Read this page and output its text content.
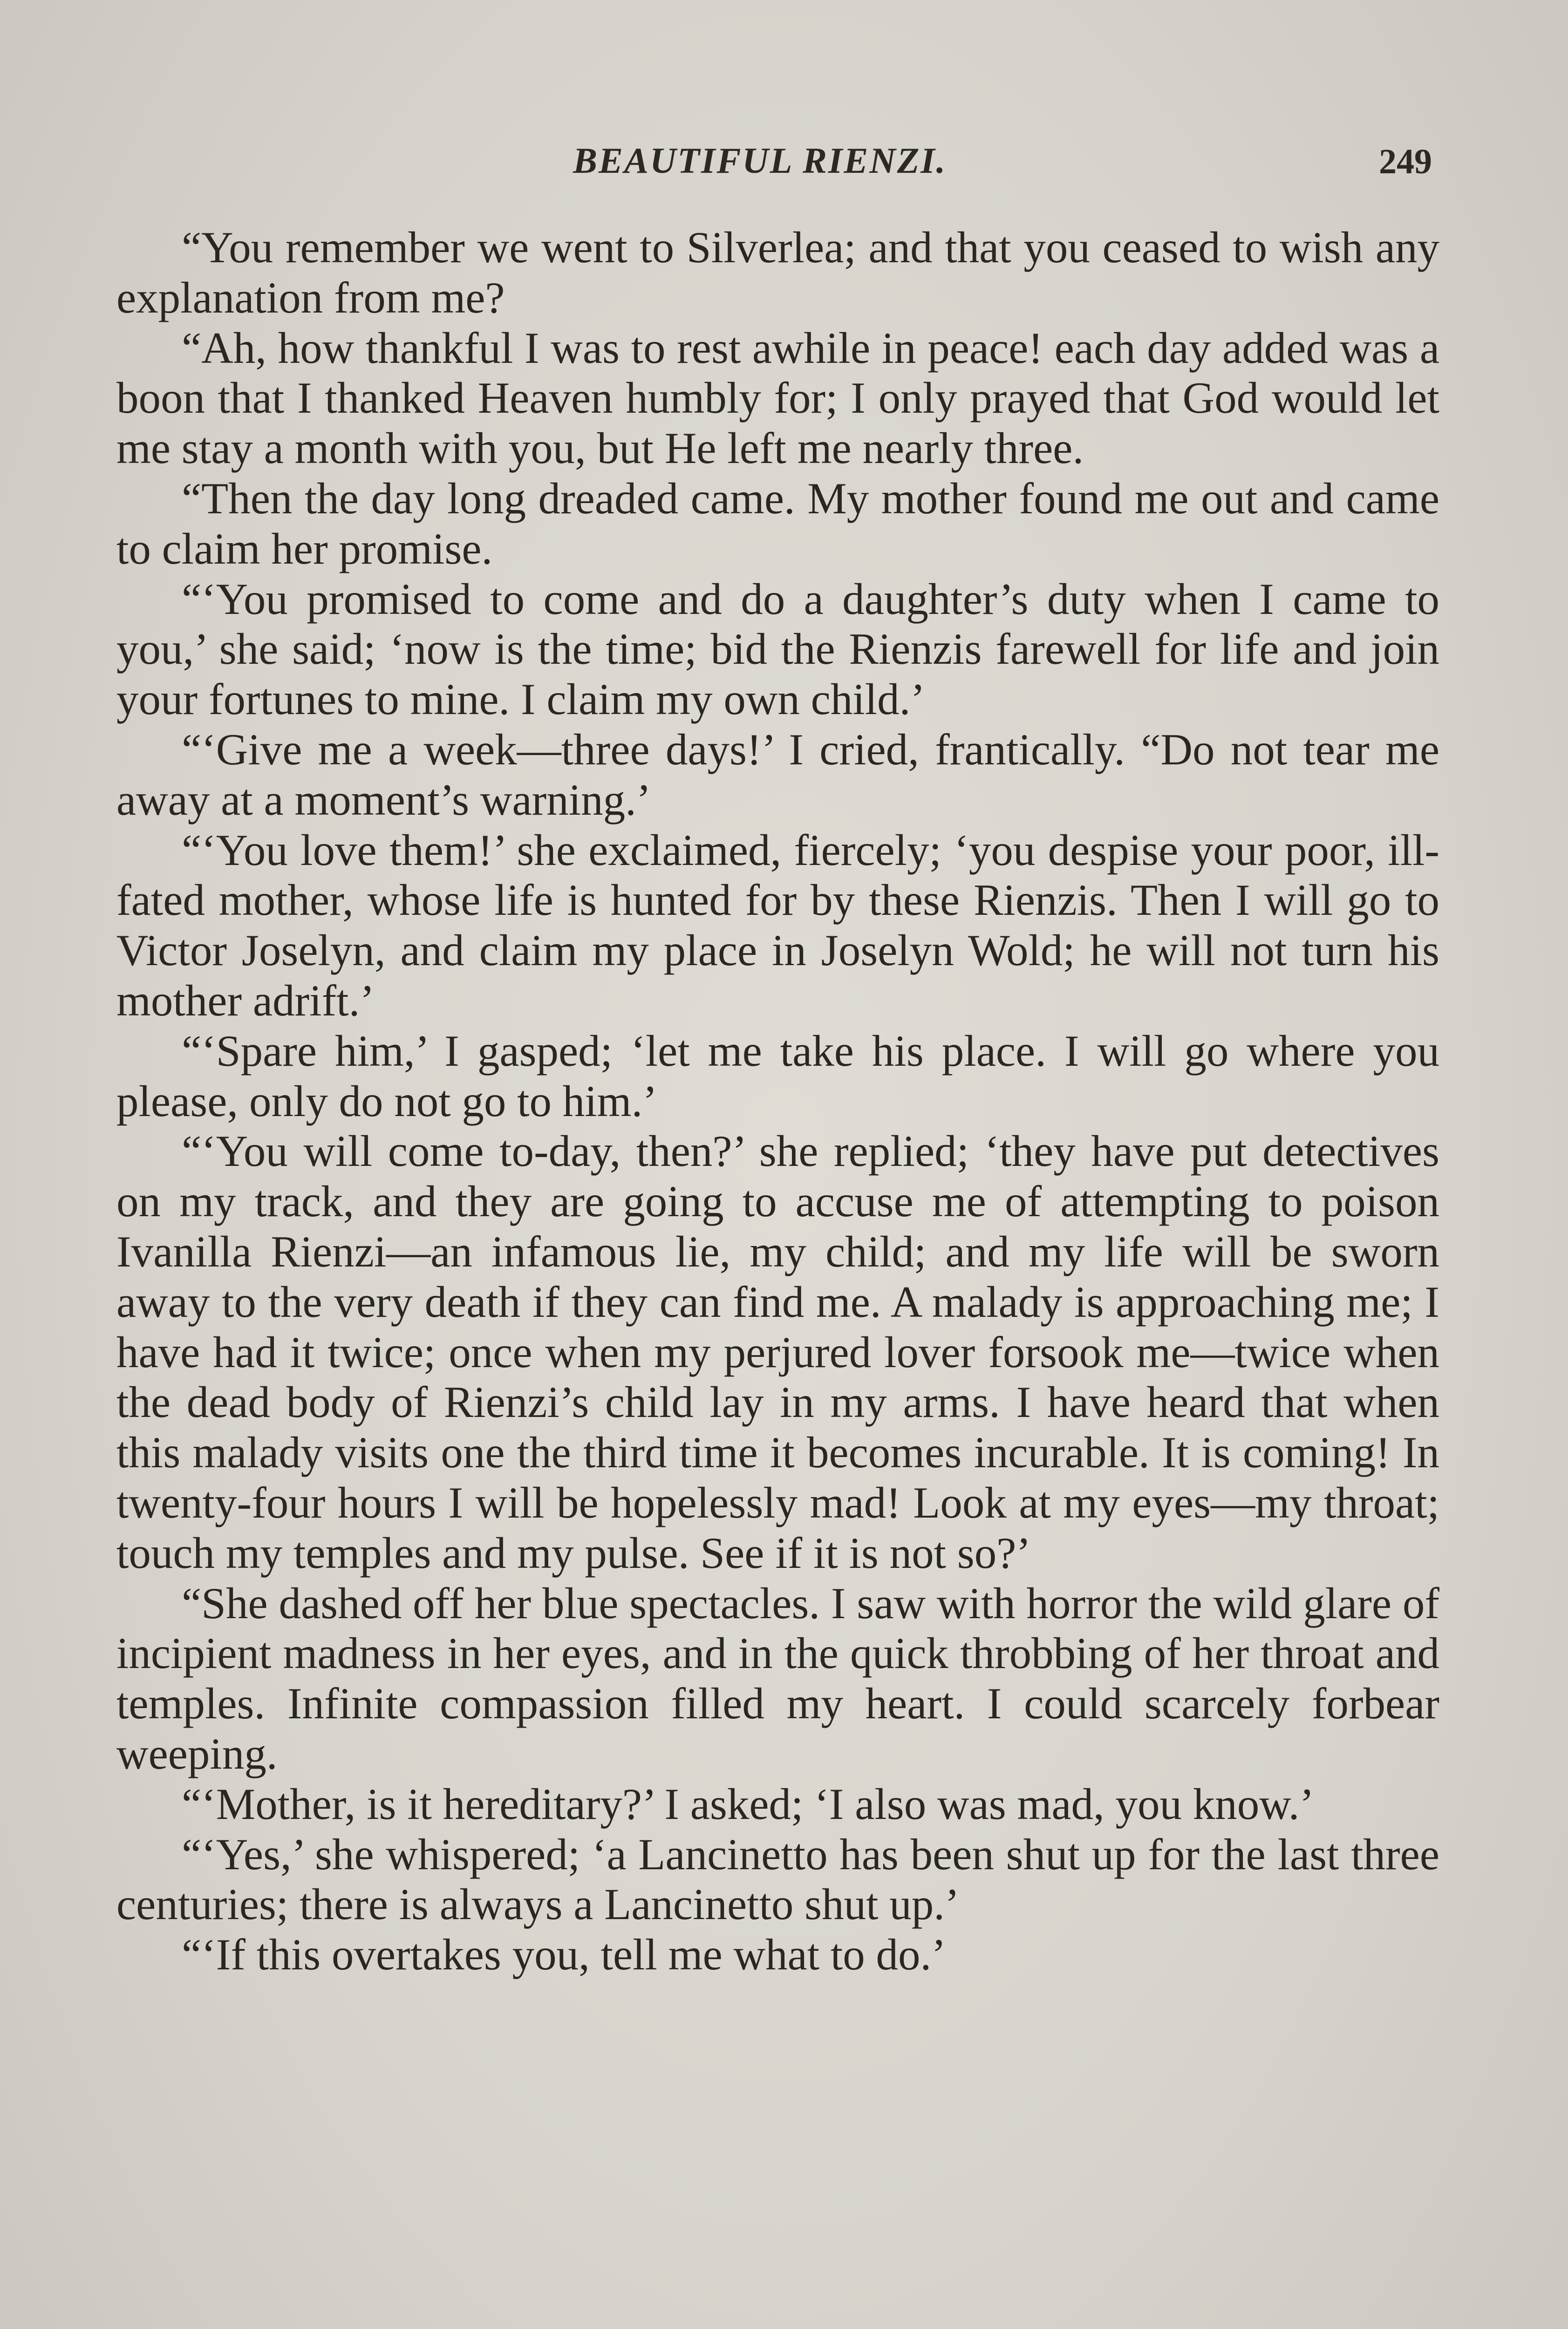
BEAUTIFUL RIENZI.	249

“You remember we went to Silverlea; and that you ceased to wish any explanation from me?

“Ah, how thankful I was to rest awhile in peace! each day added was a boon that I thanked Heaven humbly for; I only prayed that God would let me stay a month with you, but He left me nearly three.

“Then the day long dreaded came. My mother found me out and came to claim her promise.

“‘You promised to come and do a daughter’s duty when I came to you,’ she said; ‘now is the time; bid the Rienzis farewell for life and join your fortunes to mine. I claim my own child.’

“‘Give me a week—three days!’ I cried, frantically. “Do not tear me away at a moment’s warning.’

“‘You love them!’ she exclaimed, fiercely; ‘you despise your poor, ill-fated mother, whose life is hunted for by these Rienzis. Then I will go to Victor Joselyn, and claim my place in Joselyn Wold; he will not turn his mother adrift.’

“‘Spare him,’ I gasped; ‘let me take his place. I will go where you please, only do not go to him.’

“‘You will come to-day, then?’ she replied; ‘they have put detectives on my track, and they are going to accuse me of attempting to poison Ivanilla Rienzi—an infamous lie, my child; and my life will be sworn away to the very death if they can find me. A malady is approaching me; I have had it twice; once when my perjured lover forsook me—twice when the dead body of Rienzi’s child lay in my arms. I have heard that when this malady visits one the third time it becomes incurable. It is coming! In twenty-four hours I will be hopelessly mad! Look at my eyes—my throat; touch my temples and my pulse. See if it is not so?’

“She dashed off her blue spectacles. I saw with horror the wild glare of incipient madness in her eyes, and in the quick throbbing of her throat and temples. Infinite compassion filled my heart. I could scarcely forbear weeping.

“‘Mother, is it hereditary?’ I asked; ‘I also was mad, you know.’

“‘Yes,’ she whispered; ‘a Lancinetto has been shut up for the last three centuries; there is always a Lancinetto shut up.’

“‘If this overtakes you, tell me what to do.’
